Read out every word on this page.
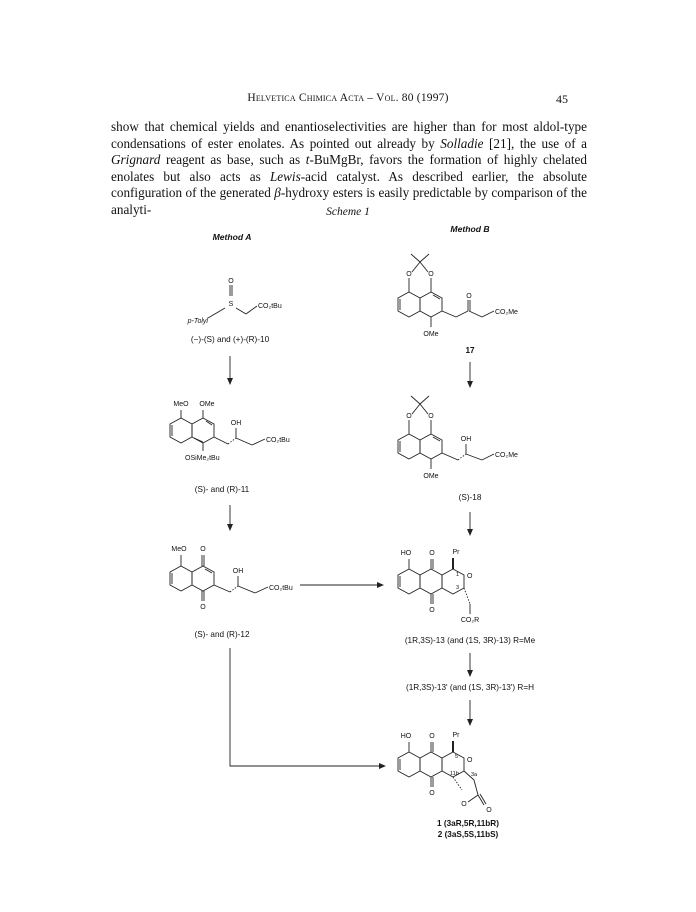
Helvetica Chimica Acta – Vol. 80 (1997)	45

show that chemical yields and enantioselectivities are higher than for most aldol-type condensations of ester enolates. As pointed out already by Solladie [21], the use of a Grignard reagent as base, such as t-BuMgBr, favors the formation of highly chelated enolates but also acts as Lewis-acid catalyst. As described earlier, the absolute configuration of the generated β-hydroxy esters is easily predictable by comparison of the analyti-	Scheme 1
Method A
Method B
O
S
p-Tolyl
CO₂tBu
(−)-(S) and (+)-(R)-10
MeO OMe
OH
CO₂tBu
OSiMe₂tBu
(S)- and (R)-11
MeO O
OH
CO₂tBu
O
(S)- and (R)-12
O O
O
CO₂Me
OMe
17
O O
OH
CO₂Me
OMe
(S)-18
HO	O	Pr
O
1
3
O
CO₂R
(1R,3S)-13 (and (1S, 3R)-13) R=Me
(1R,3S)-13' (and (1S, 3R)-13') R=H
HO	O	Pr
O
5
3a
11b
O
O
O
1 (3aR,5R,11bR)
2 (3aS,5S,11bS)
